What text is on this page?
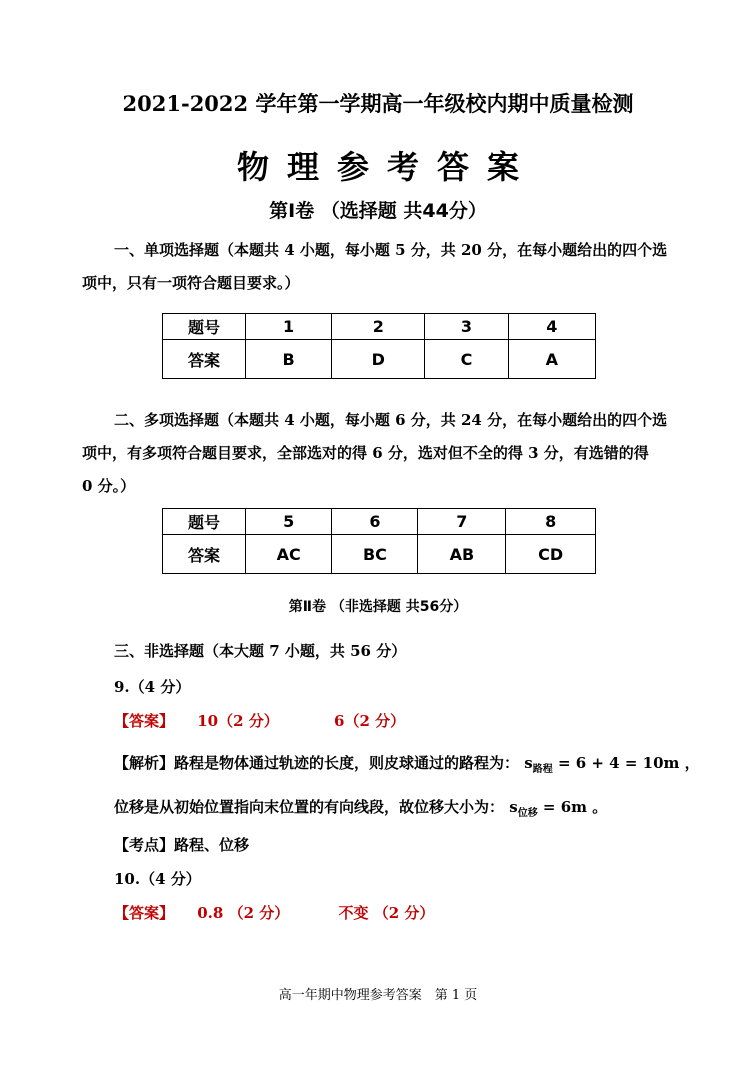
2021-2022 学年第一学期高一年级校内期中质量检测
物理参考答案
第Ⅰ卷 （选择题 共44分）
一、单项选择题（本题共 4 小题，每小题 5 分，共 20 分，在每小题给出的四个选
项中，只有一项符合题目要求。）
题号	1	2	3	4
答案	B	D	C	A
二、多项选择题（本题共 4 小题，每小题 6 分，共 24 分，在每小题给出的四个选
项中，有多项符合题目要求，全部选对的得 6 分，选对但不全的得 3 分，有选错的得
0 分。）
题号	5	6	7	8
答案	AC	BC	AB	CD
第Ⅱ卷 （非选择题 共56分）
三、非选择题（本大题 7 小题，共 56 分）
9.（4 分）
【答案】 10（2 分）	6（2 分）
【解析】路程是物体通过轨迹的长度，则皮球通过的路程为： $s_{路程} = 6 + 4 = 10m$ ，
位移是从初始位置指向末位置的有向线段，故位移大小为： $s_{位移} = 6m$ 。
【考点】路程、位移
10.（4 分）
【答案】 0.8 （2 分）	不变 （2 分）
高一年期中物理参考答案　第 1 页
